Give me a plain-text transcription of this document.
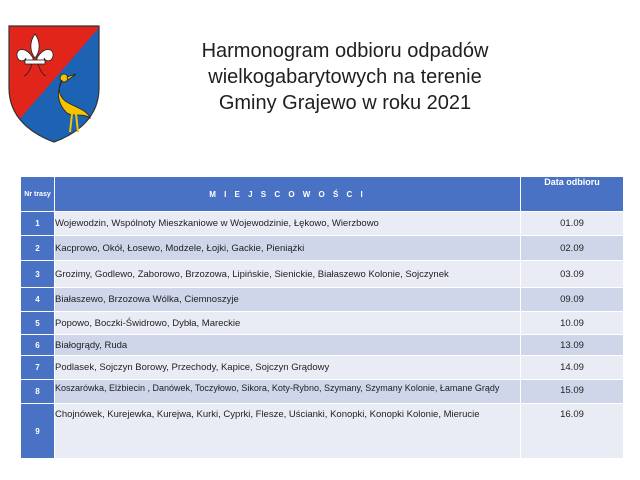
Harmonogram odbioru odpadów
wielkogabarytowych na terenie
Gminy Grajewo w roku 2021
Nr trasy	M I E J S C O W O Ś C I	Data odbioru
1	Wojewodzin, Wspólnoty Mieszkaniowe w Wojewodzinie, Łękowo, Wierzbowo	01.09
2	Kacprowo, Okół, Łosewo, Modzele, Łojki, Gackie, Pieniążki	02.09
3	Grozimy, Godlewo, Zaborowo, Brzozowa, Lipińskie, Sienickie, Białaszewo Kolonie, Sojczynek	03.09
4	Białaszewo, Brzozowa Wólka, Ciemnoszyje	09.09
5	Popowo, Boczki-Świdrowo, Dybła, Mareckie	10.09
6	Białogrądy, Ruda	13.09
7	Podlasek, Sojczyn Borowy, Przechody, Kapice, Sojczyn Grądowy	14.09
8	Koszarówka, Elżbiecin , Danówek, Toczyłowo, Sikora, Koty-Rybno, Szymany, Szymany Kolonie, Łamane Grądy	15.09
9	Chojnówek, Kurejewka, Kurejwa, Kurki, Cyprki, Flesze, Uścianki, Konopki, Konopki Kolonie, Mierucie	16.09
